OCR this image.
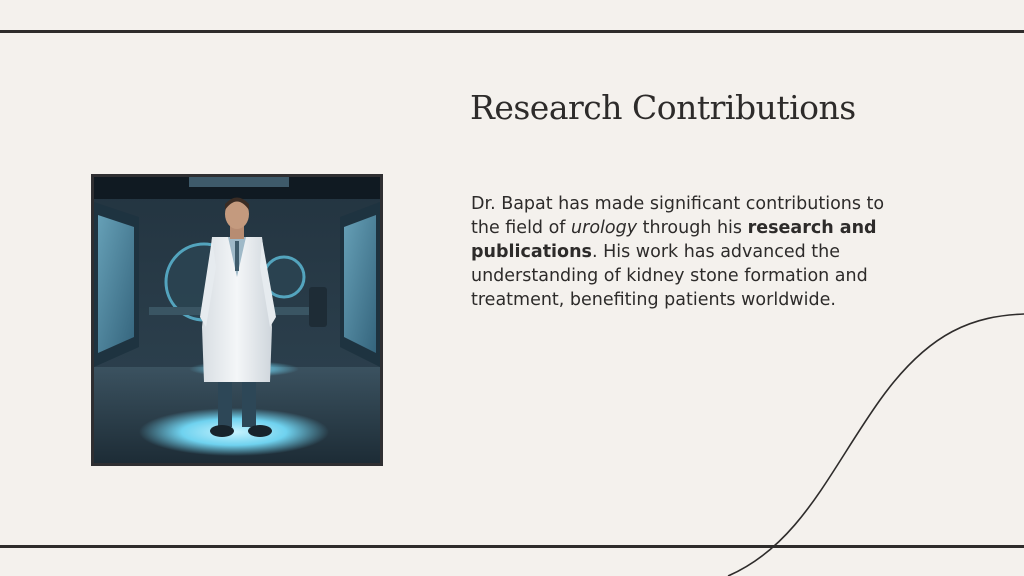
Research Contributions

Dr. Bapat has made significant contributions to the field of urology through his research and publications. His work has advanced the understanding of kidney stone formation and treatment, benefiting patients worldwide.
